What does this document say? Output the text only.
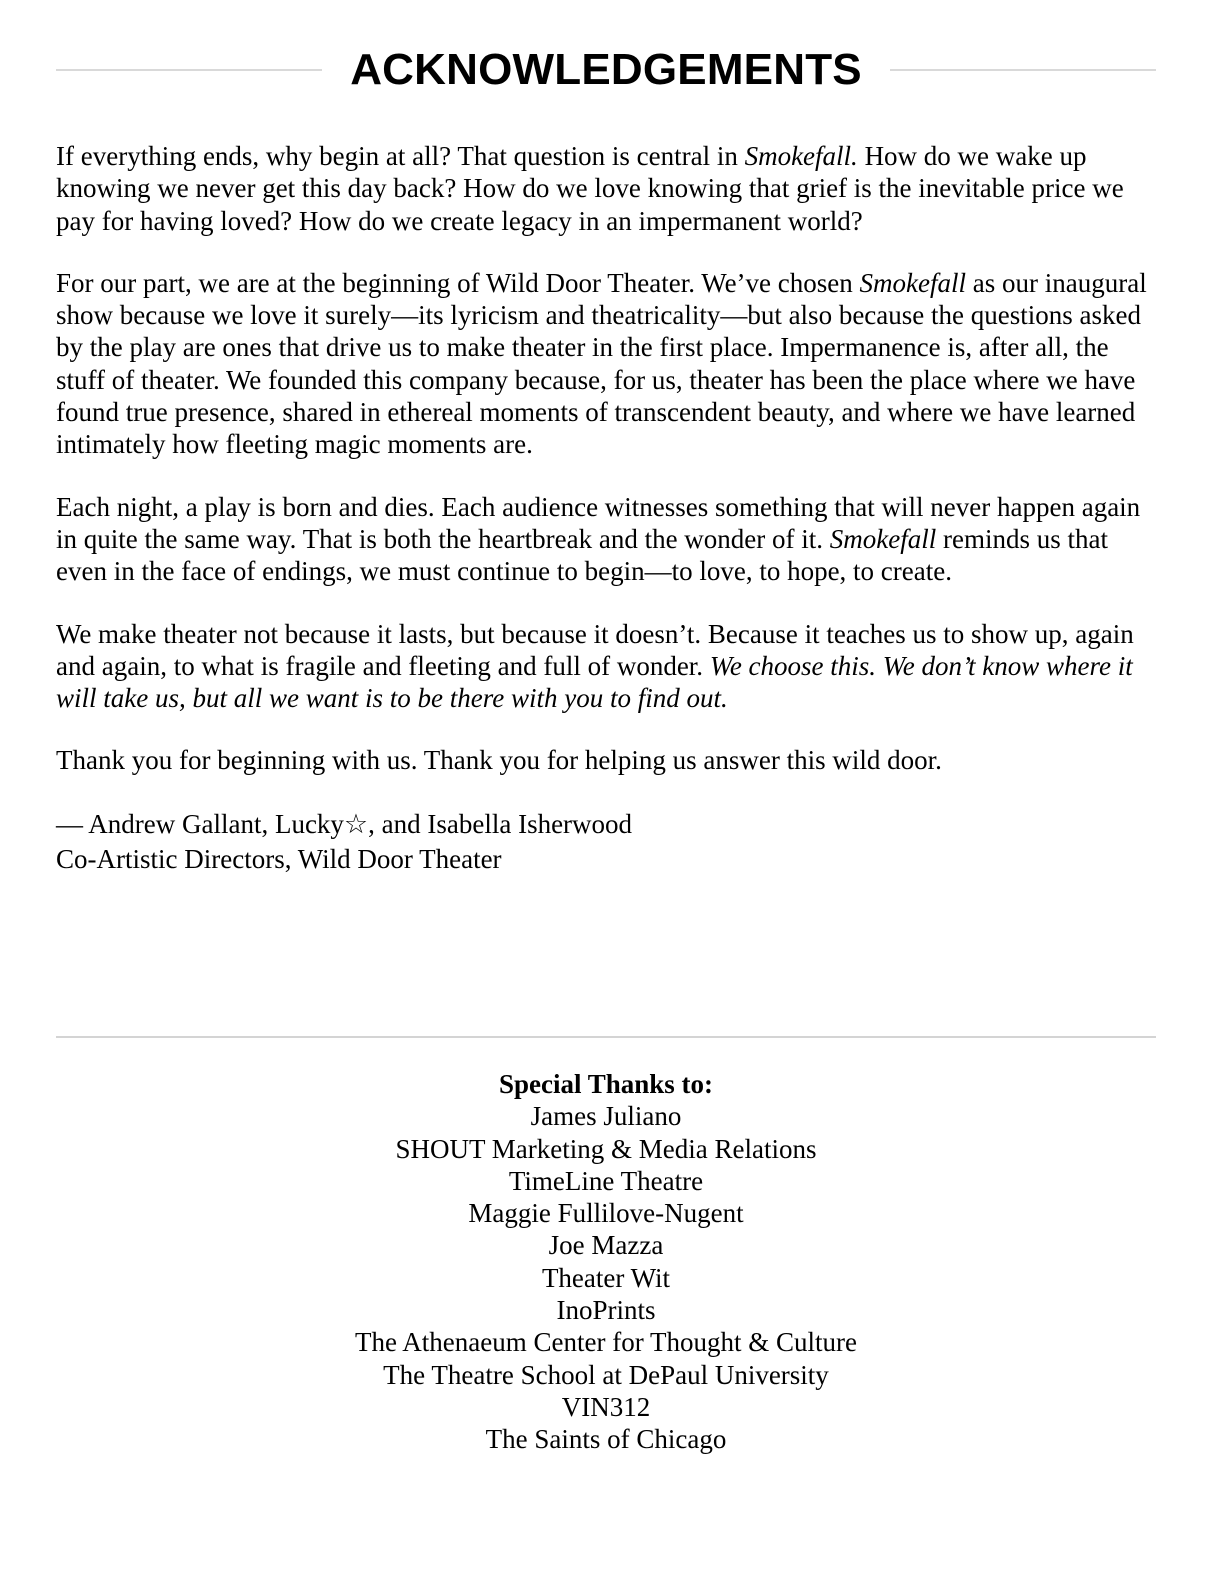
ACKNOWLEDGEMENTS

If everything ends, why begin at all? That question is central in Smokefall. How do we wake up knowing we never get this day back? How do we love knowing that grief is the inevitable price we pay for having loved? How do we create legacy in an impermanent world?

For our part, we are at the beginning of Wild Door Theater. We’ve chosen Smokefall as our inaugural show because we love it surely—its lyricism and theatricality—but also because the questions asked by the play are ones that drive us to make theater in the first place. Impermanence is, after all, the stuff of theater. We founded this company because, for us, theater has been the place where we have found true presence, shared in ethereal moments of transcendent beauty, and where we have learned intimately how fleeting magic moments are.

Each night, a play is born and dies. Each audience witnesses something that will never happen again in quite the same way. That is both the heartbreak and the wonder of it. Smokefall reminds us that even in the face of endings, we must continue to begin—to love, to hope, to create.

We make theater not because it lasts, but because it doesn’t. Because it teaches us to show up, again and again, to what is fragile and fleeting and full of wonder. We choose this. We don’t know where it will take us, but all we want is to be there with you to find out.

Thank you for beginning with us. Thank you for helping us answer this wild door.

— Andrew Gallant, Lucky☆, and Isabella Isherwood
Co-Artistic Directors, Wild Door Theater
Special Thanks to:
James Juliano
SHOUT Marketing & Media Relations
TimeLine Theatre
Maggie Fullilove-Nugent
Joe Mazza
Theater Wit
InoPrints
The Athenaeum Center for Thought & Culture
The Theatre School at DePaul University
VIN312
The Saints of Chicago
